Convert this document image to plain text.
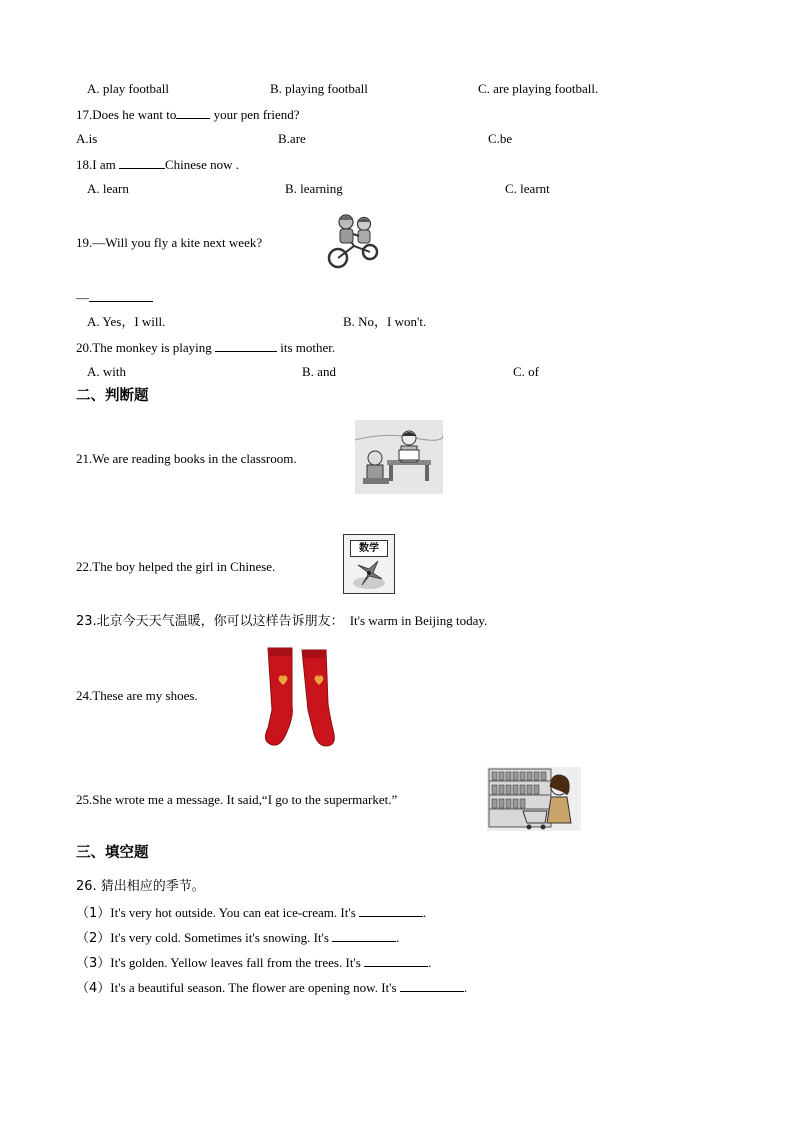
A. play football	B. playing football	C. are playing football.
17.Does he want to	your pen friend?
A.is	B.are	C.be
18.I am	Chinese now .
A. learn	B. learning	C. learnt
19.—Will you fly a kite next week?
—
A. Yes，I will.	B. No，I won't.
20.The monkey is playing	its mother.
A. with	B. and	C. of
二、判断题
21.We are reading books in the classroom.
22.The boy helped the girl in Chinese.
数学
23.北京今天天气温暖，你可以这样告诉朋友： It's warm in Beijing today.
24.These are my shoes.
25.She wrote me a message. It said,“I go to the supermarket.”
三、填空题
26. 猜出相应的季节。
（1）It's very hot outside. You can eat ice-cream. It's	.
（2）It's very cold. Sometimes it's snowing. It's	.
（3）It's golden. Yellow leaves fall from the trees. It's	.
（4）It's a beautiful season. The flower are opening now. It's	.
